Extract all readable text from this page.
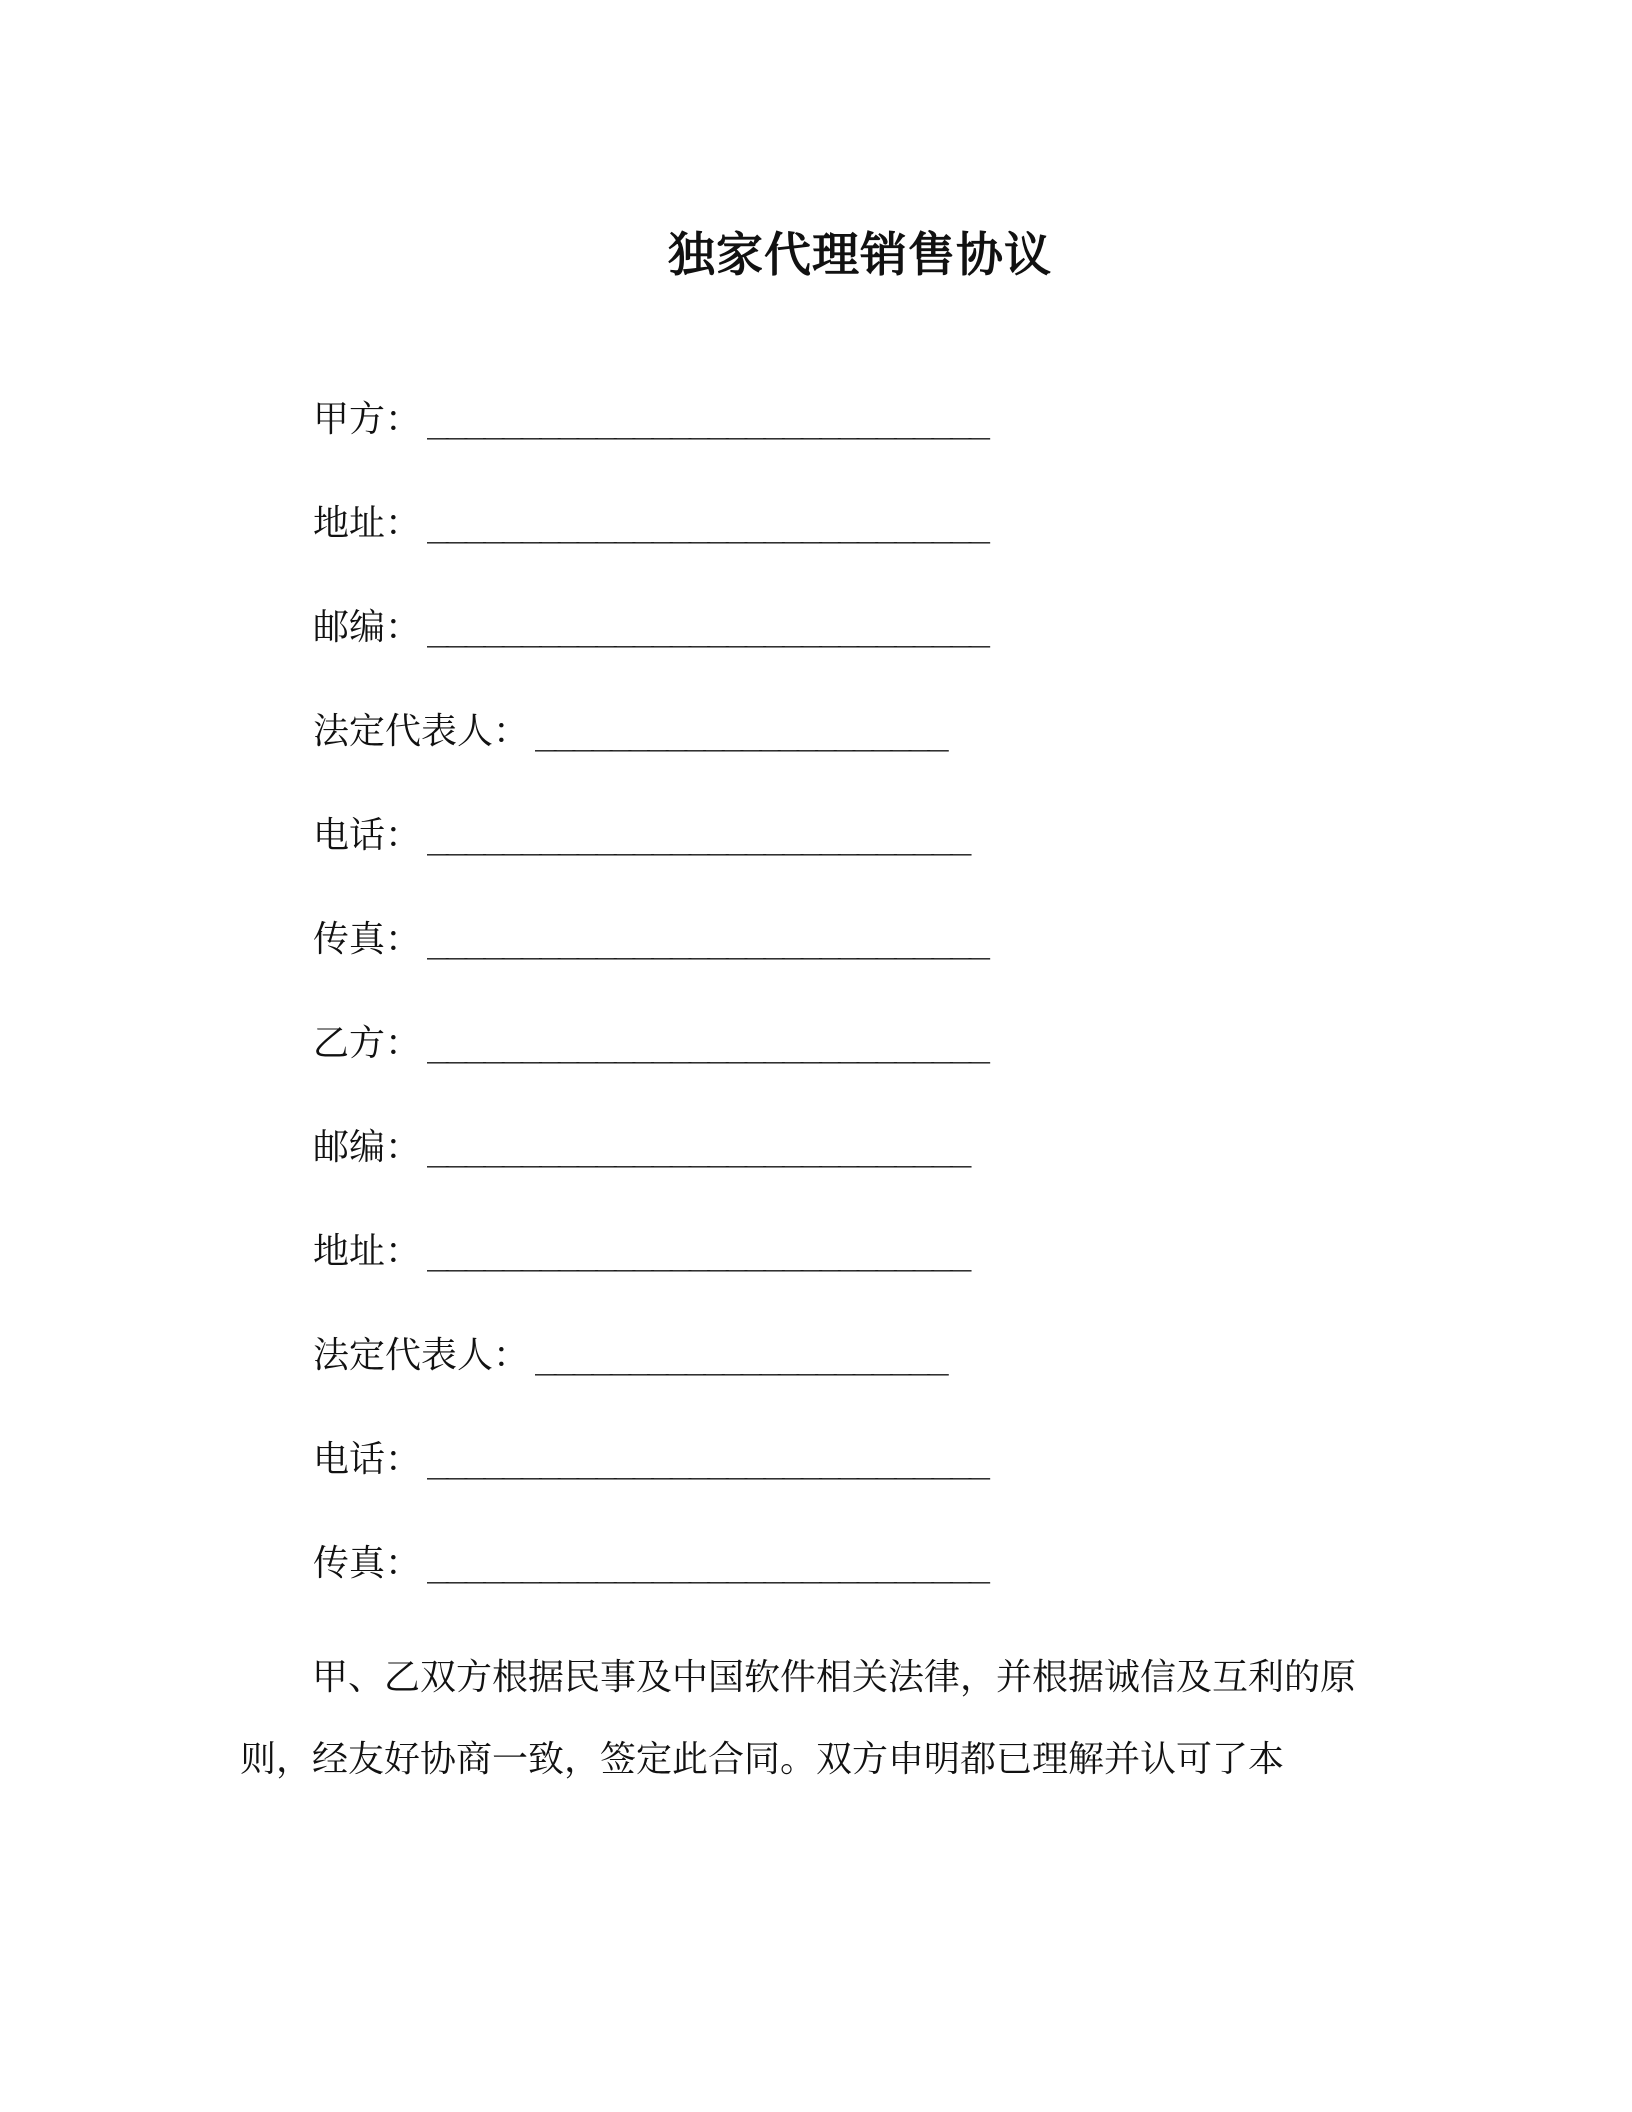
独家代理销售协议
甲方： ______________________________
地址： ______________________________
邮编： ______________________________
法定代表人： ______________________
电话： _____________________________
传真： ______________________________
乙方： ______________________________
邮编： _____________________________
地址： _____________________________
法定代表人： ______________________
电话： ______________________________
传真： ______________________________

甲、乙双方根据民事及中国软件相关法律，并根据诚信及互利的原则，经友好协商一致，签定此合同。双方申明都已理解并认可了本
